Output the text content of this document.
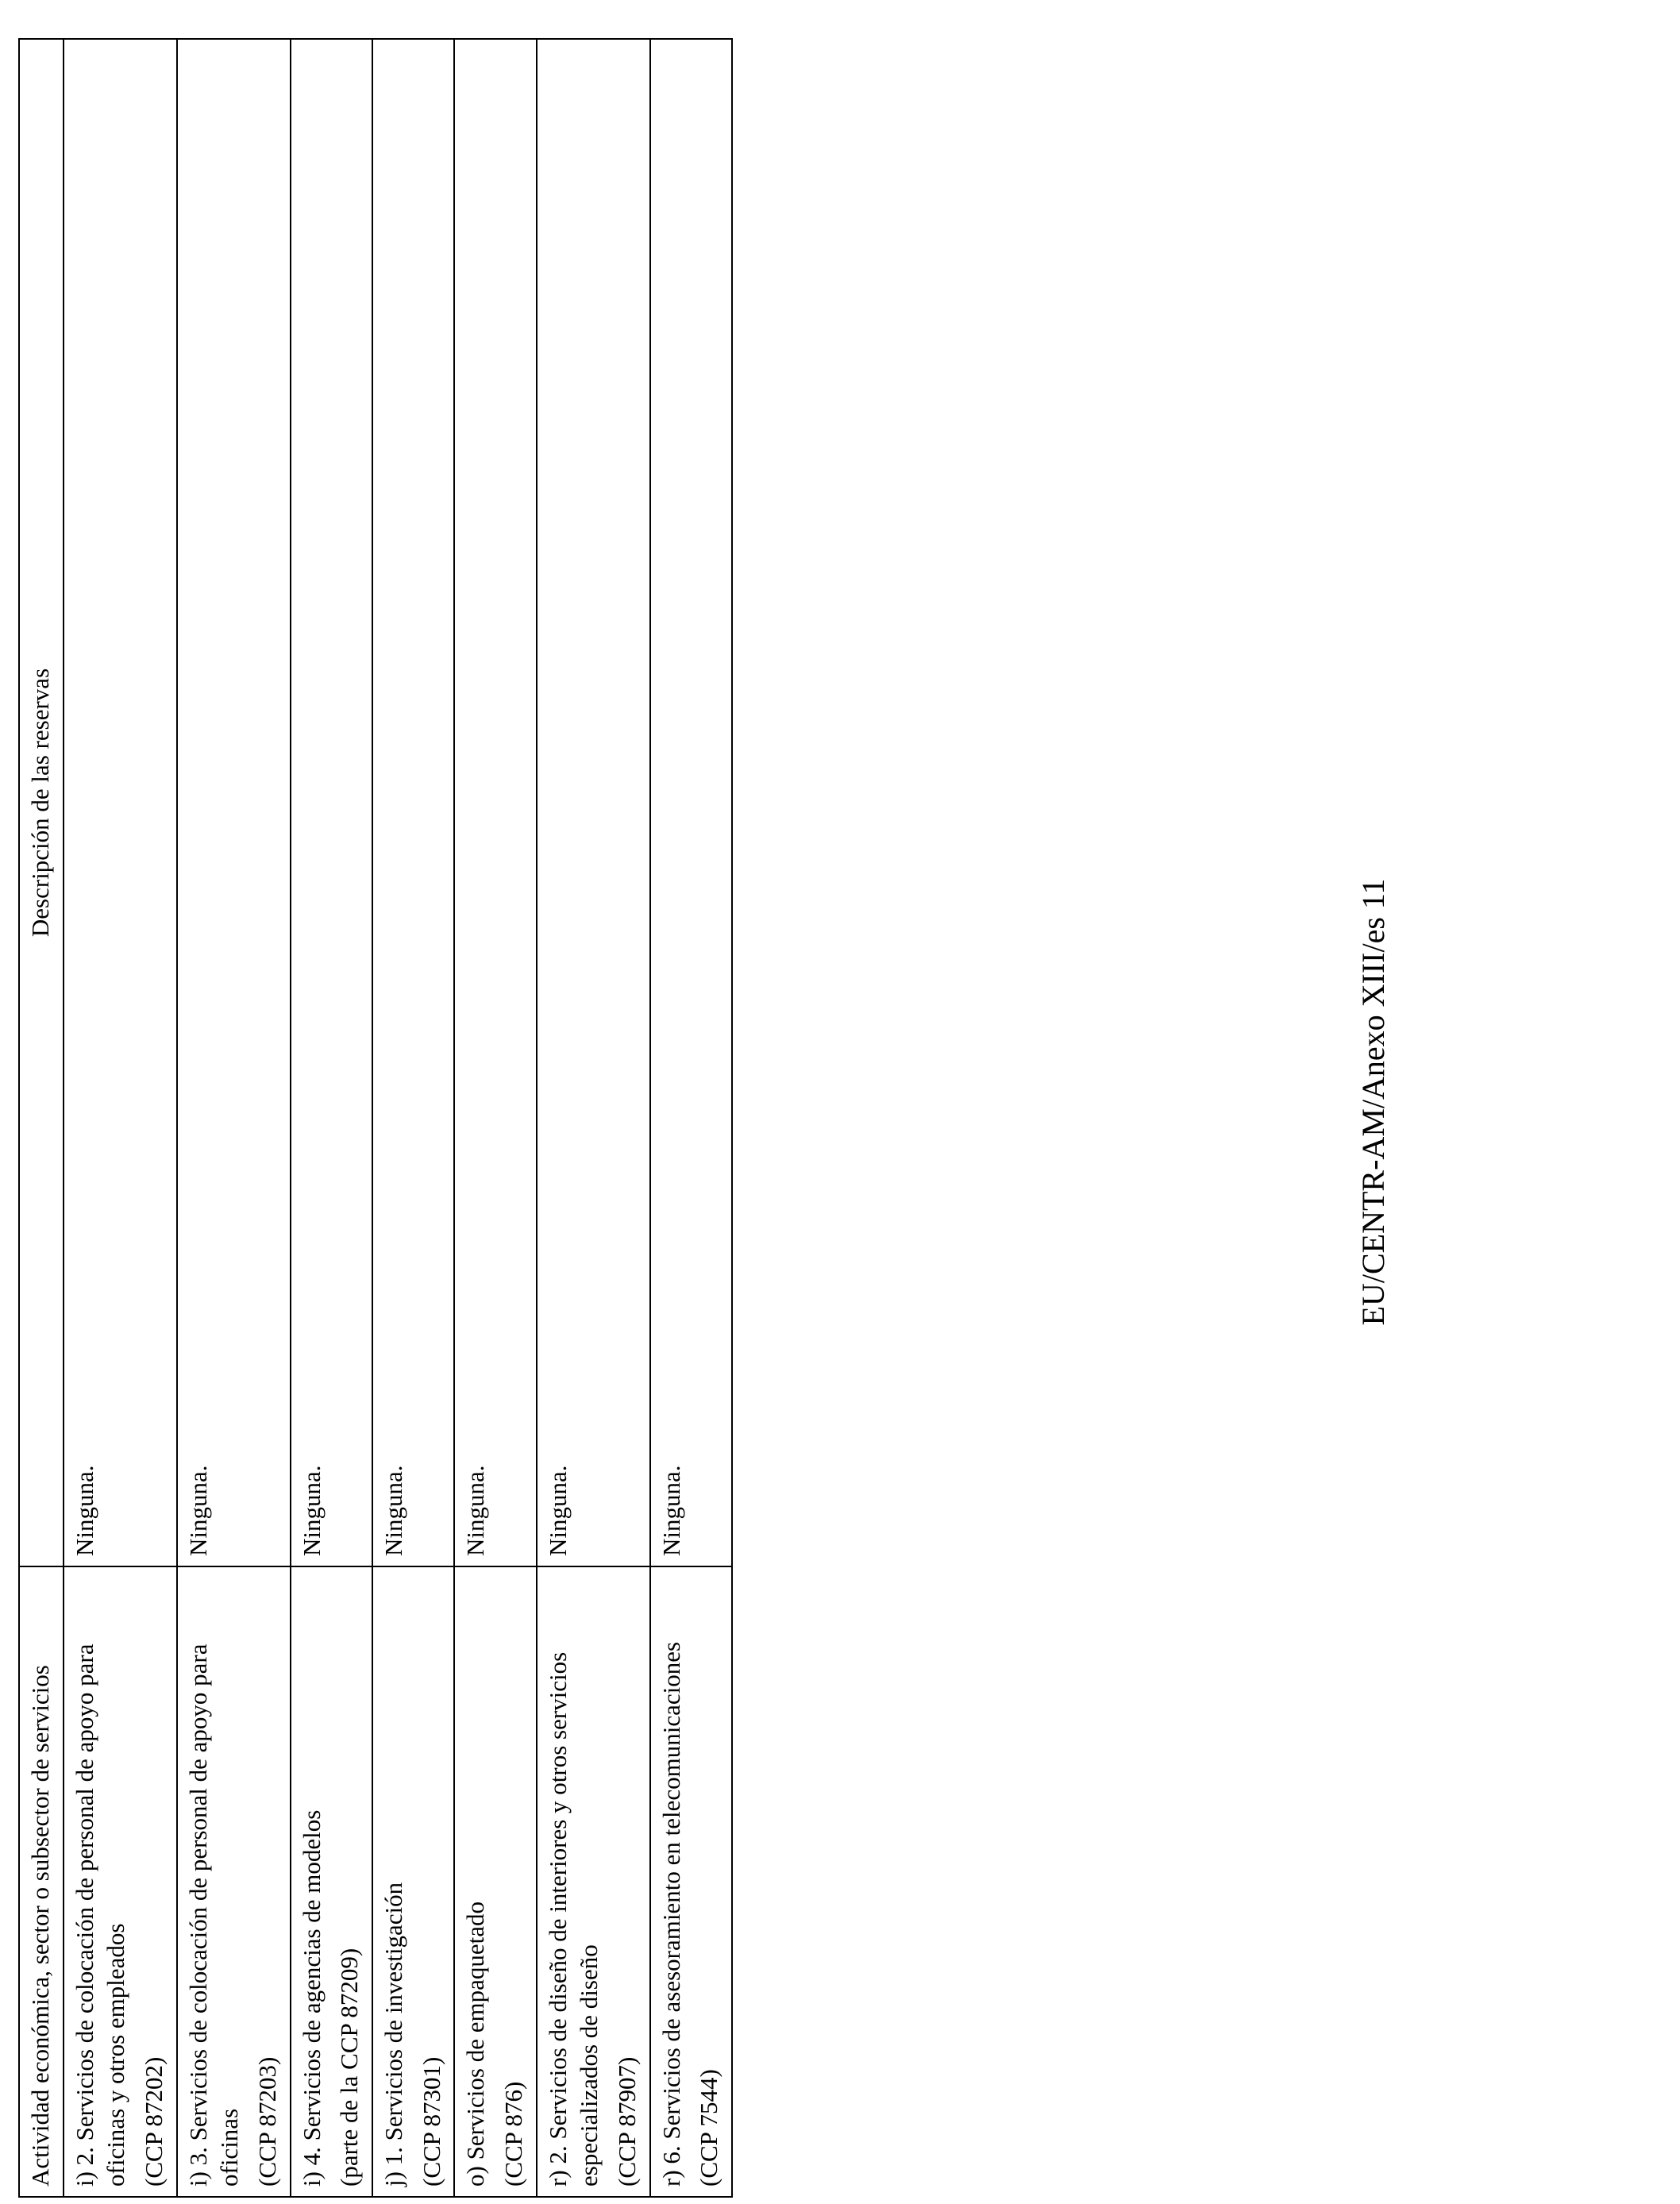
Actividad económica, sector o subsector de servicios	Descripción de las reservas

i) 2. Servicios de colocación de personal de apoyo para oficinas y otros empleados (CCP 87202)	Ninguna.

i) 3. Servicios de colocación de personal de apoyo para oficinas (CCP 87203)	Ninguna.

i) 4. Servicios de agencias de modelos (parte de la CCP 87209)	Ninguna.

j) 1. Servicios de investigación (CCP 87301)	Ninguna.

o) Servicios de empaquetado (CCP 876)	Ninguna.

r) 2. Servicios de diseño de interiores y otros servicios especializados de diseño (CCP 87907)	Ninguna.

r) 6. Servicios de asesoramiento en telecomunicaciones (CCP 7544)	Ninguna.
EU/CENTR-AM/Anexo XIII/es 11
